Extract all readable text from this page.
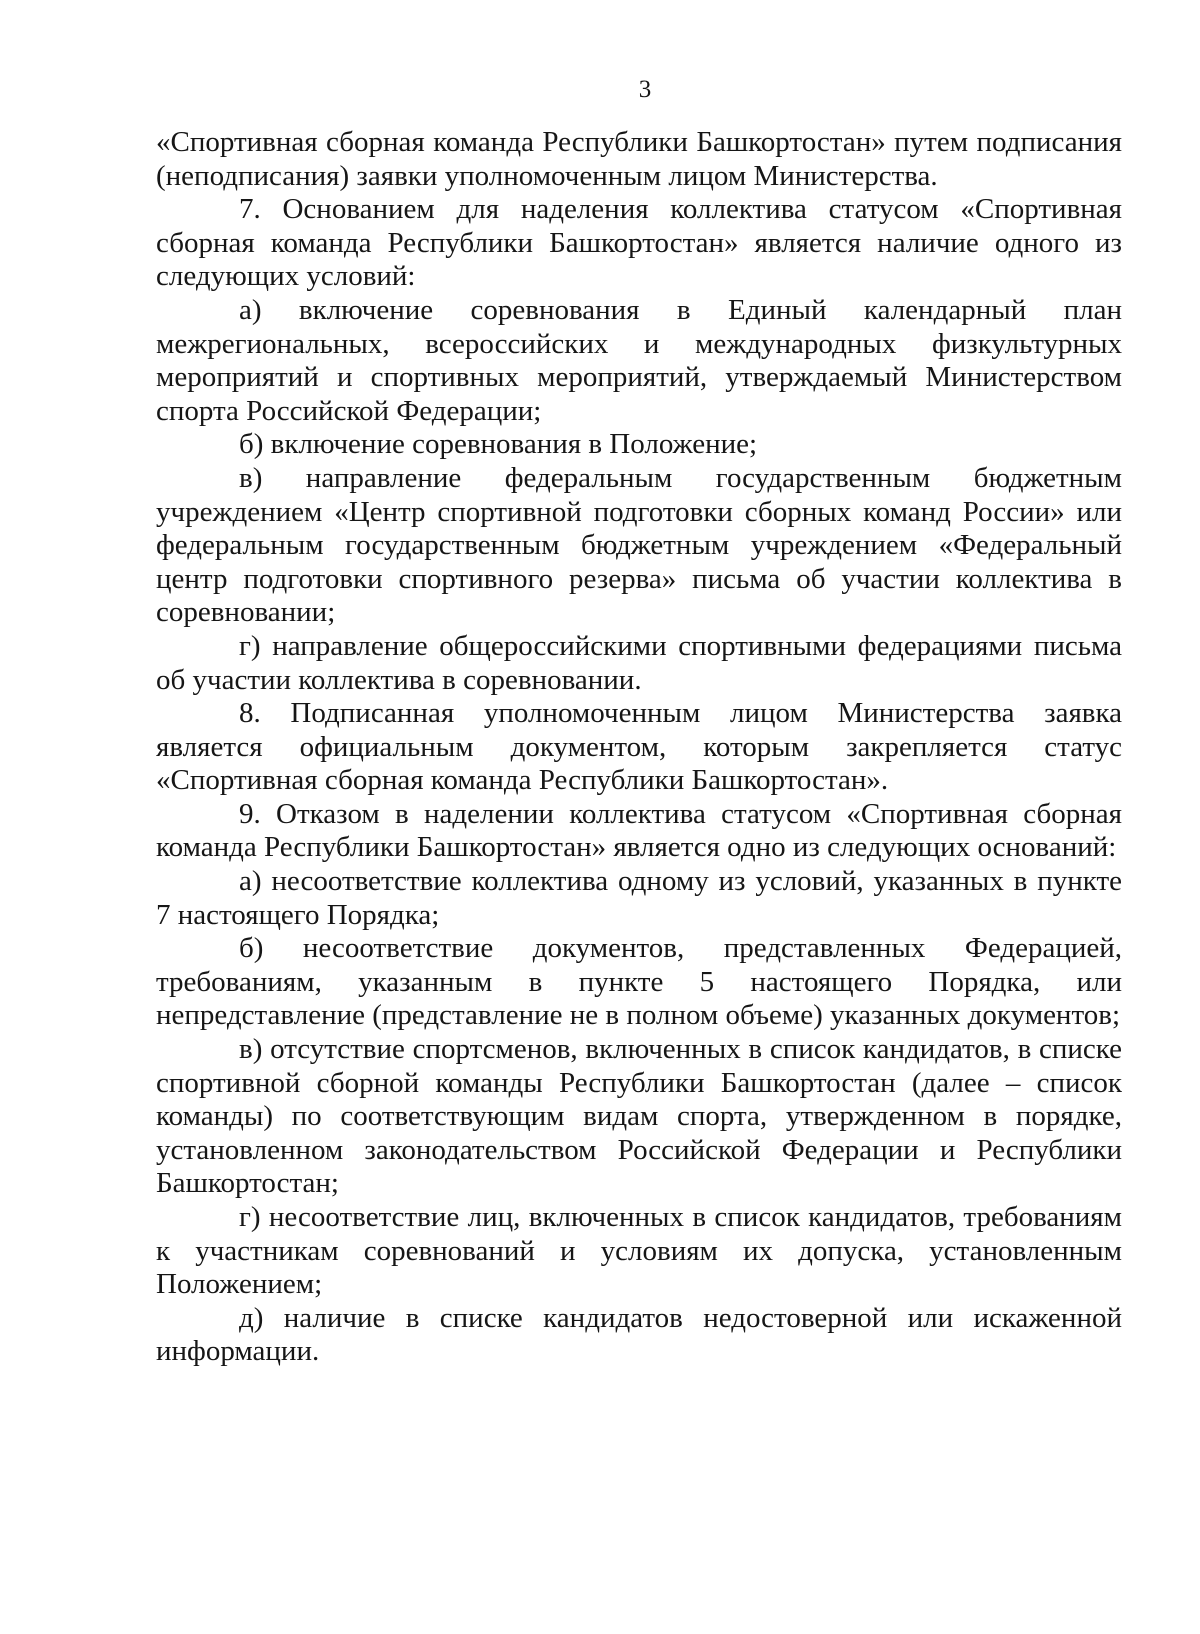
3

«Спортивная сборная команда Республики Башкортостан» путем подписания (неподписания) заявки уполномоченным лицом Министерства.

7. Основанием для наделения коллектива статусом «Спортивная сборная команда Республики Башкортостан» является наличие одного из следующих условий:

а) включение соревнования в Единый календарный план межрегиональных, всероссийских и международных физкультурных мероприятий и спортивных мероприятий, утверждаемый Министерством спорта Российской Федерации;

б) включение соревнования в Положение;

в) направление федеральным государственным бюджетным учреждением «Центр спортивной подготовки сборных команд России» или федеральным государственным бюджетным учреждением «Федеральный центр подготовки спортивного резерва» письма об участии коллектива в соревновании;

г) направление общероссийскими спортивными федерациями письма об участии коллектива в соревновании.

8. Подписанная уполномоченным лицом Министерства заявка является официальным документом, которым закрепляется статус «Спортивная сборная команда Республики Башкортостан».

9. Отказом в наделении коллектива статусом «Спортивная сборная команда Республики Башкортостан» является одно из следующих оснований:

а) несоответствие коллектива одному из условий, указанных в пункте 7 настоящего Порядка;

б) несоответствие документов, представленных Федерацией, требованиям, указанным в пункте 5 настоящего Порядка, или непредставление (представление не в полном объеме) указанных документов;

в) отсутствие спортсменов, включенных в список кандидатов, в списке спортивной сборной команды Республики Башкортостан (далее – список команды) по соответствующим видам спорта, утвержденном в порядке, установленном законодательством Российской Федерации и Республики Башкортостан;

г) несоответствие лиц, включенных в список кандидатов, требованиям к участникам соревнований и условиям их допуска, установленным Положением;

д) наличие в списке кандидатов недостоверной или искаженной информации.
